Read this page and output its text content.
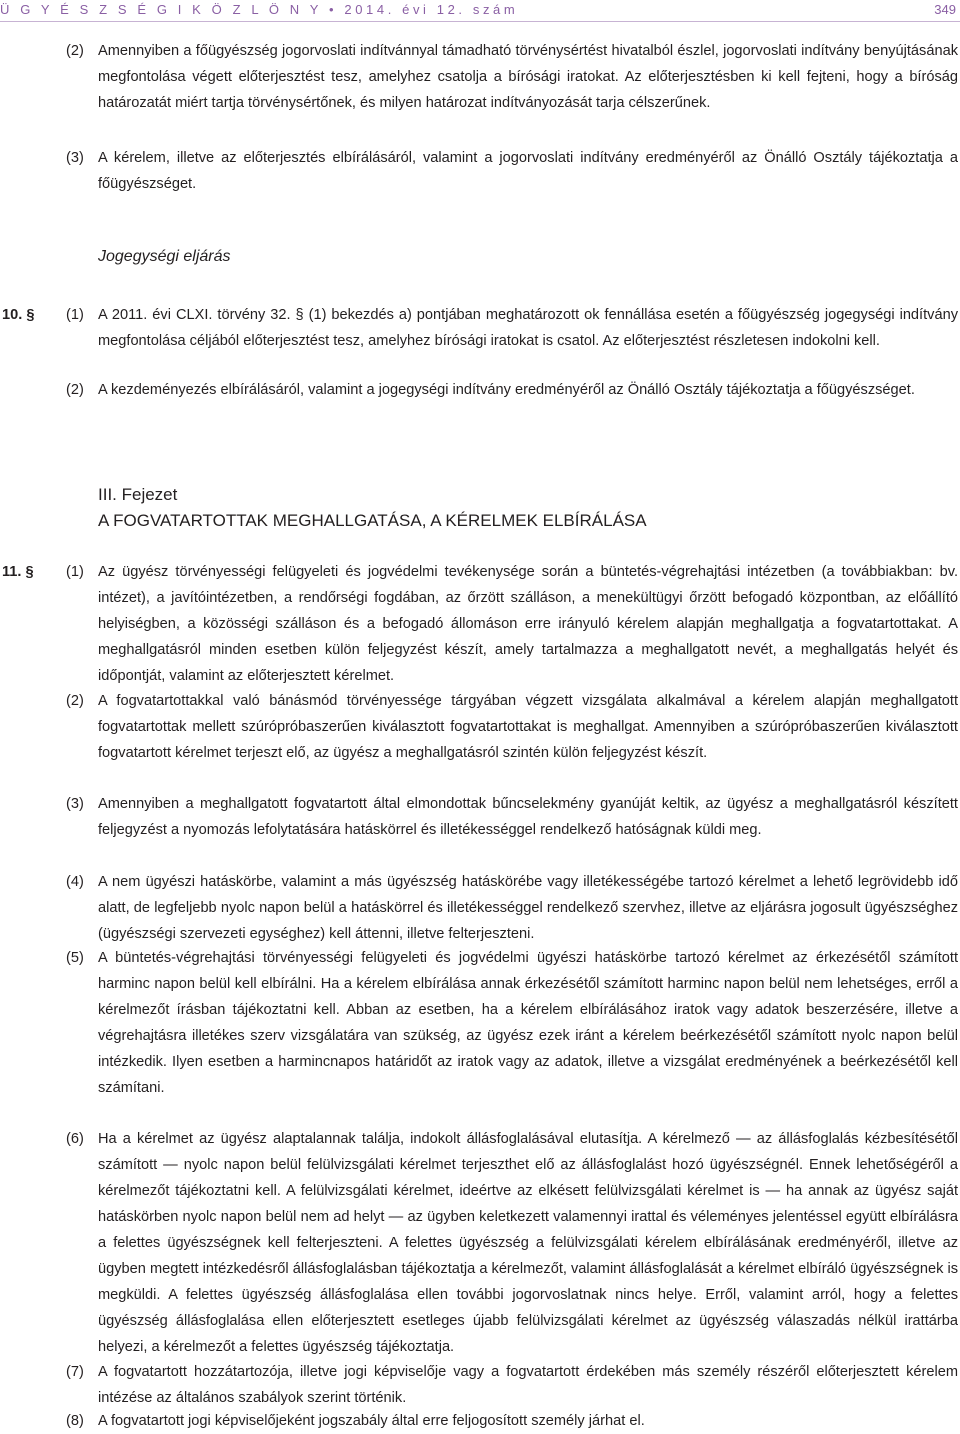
Ü G Y É S Z S É G I K Ö Z L Ö N Y • 2014. évi 12. szám	349
(2) Amennyiben a főügyészség jogorvoslati indítvánnyal támadható törvénysértést hivatalból észlel, jogorvoslati indítvány benyújtásának megfontolása végett előterjesztést tesz, amelyhez csatolja a bírósági iratokat. Az előterjesztésben ki kell fejteni, hogy a bíróság határozatát miért tartja törvénysértőnek, és milyen határozat indítványozását tarja célszerűnek.

(3) A kérelem, illetve az előterjesztés elbírálásáról, valamint a jogorvoslati indítvány eredményéről az Önálló Osztály tájékoztatja a főügyészséget.

Jogegységi eljárás
10. § (1) A 2011. évi CLXI. törvény 32. § (1) bekezdés a) pontjában meghatározott ok fennállása esetén a főügyészség jogegységi indítvány megfontolása céljából előterjesztést tesz, amelyhez bírósági iratokat is csatol. Az előterjesztést részletesen indokolni kell.

(2) A kezdeményezés elbírálásáról, valamint a jogegységi indítvány eredményéről az Önálló Osztály tájékoztatja a főügyészséget.

III. Fejezet
A FOGVATARTOTTAK MEGHALLGATÁSA, A KÉRELMEK ELBÍRÁLÁSA
11. § (1) Az ügyész törvényességi felügyeleti és jogvédelmi tevékenysége során a büntetés-végrehajtási intézetben (a továbbiakban: bv. intézet), a javítóintézetben, a rendőrségi fogdában, az őrzött szálláson, a menekültügyi őrzött befogadó központban, az előállító helyiségben, a közösségi szálláson és a befogadó állomáson erre irányuló kérelem alapján meghallgatja a fogvatartottakat. A meghallgatásról minden esetben külön feljegyzést készít, amely tartalmazza a meghallgatott nevét, a meghallgatás helyét és időpontját, valamint az előterjesztett kérelmet.

(2) A fogvatartottakkal való bánásmód törvényessége tárgyában végzett vizsgálata alkalmával a kérelem alapján meghallgatott fogvatartottak mellett szúrópróbaszerűen kiválasztott fogvatartottakat is meghallgat. Amennyiben a szúrópróbaszerűen kiválasztott fogvatartott kérelmet terjeszt elő, az ügyész a meghallgatásról szintén külön feljegyzést készít.

(3) Amennyiben a meghallgatott fogvatartott által elmondottak bűncselekmény gyanúját keltik, az ügyész a meghallgatásról készített feljegyzést a nyomozás lefolytatására hatáskörrel és illetékességgel rendelkező hatóságnak küldi meg.

(4) A nem ügyészi hatáskörbe, valamint a más ügyészség hatáskörébe vagy illetékességébe tartozó kérelmet a lehető legrövidebb idő alatt, de legfeljebb nyolc napon belül a hatáskörrel és illetékességgel rendelkező szervhez, illetve az eljárásra jogosult ügyészséghez (ügyészségi szervezeti egységhez) kell áttenni, illetve felterjeszteni.

(5) A büntetés-végrehajtási törvényességi felügyeleti és jogvédelmi ügyészi hatáskörbe tartozó kérelmet az érkezésétől számított harminc napon belül kell elbírálni. Ha a kérelem elbírálása annak érkezésétől számított harminc napon belül nem lehetséges, erről a kérelmezőt írásban tájékoztatni kell. Abban az esetben, ha a kérelem elbírálásához iratok vagy adatok beszerzésére, illetve a végrehajtásra illetékes szerv vizsgálatára van szükség, az ügyész ezek iránt a kérelem beérkezésétől számított nyolc napon belül intézkedik. Ilyen esetben a harmincnapos határidőt az iratok vagy az adatok, illetve a vizsgálat eredményének a beérkezésétől kell számítani.

(6) Ha a kérelmet az ügyész alaptalannak találja, indokolt állásfoglalásával elutasítja. A kérelmező — az állásfoglalás kézbesítésétől számított — nyolc napon belül felülvizsgálati kérelmet terjeszthet elő az állásfoglalást hozó ügyészségnél. Ennek lehetőségéről a kérelmezőt tájékoztatni kell. A felülvizsgálati kérelmet, ideértve az elkésett felülvizsgálati kérelmet is — ha annak az ügyész saját hatáskörben nyolc napon belül nem ad helyt — az ügyben keletkezett valamennyi irattal és véleményes jelentéssel együtt elbírálásra a felettes ügyészségnek kell felterjeszteni. A felettes ügyészség a felülvizsgálati kérelem elbírálásának eredményéről, illetve az ügyben megtett intézkedésről állásfoglalásban tájékoztatja a kérelmezőt, valamint állásfoglalását a kérelmet elbíráló ügyészségnek is megküldi. A felettes ügyészség állásfoglalása ellen további jogorvoslatnak nincs helye. Erről, valamint arról, hogy a felettes ügyészség állásfoglalása ellen előterjesztett esetleges újabb felülvizsgálati kérelmet az ügyészség válaszadás nélkül irattárba helyezi, a kérelmezőt a felettes ügyészség tájékoztatja.

(7) A fogvatartott hozzátartozója, illetve jogi képviselője vagy a fogvatartott érdekében más személy részéről előterjesztett kérelem intézése az általános szabályok szerint történik.

(8) A fogvatartott jogi képviselőjeként jogszabály által erre feljogosított személy járhat el.
